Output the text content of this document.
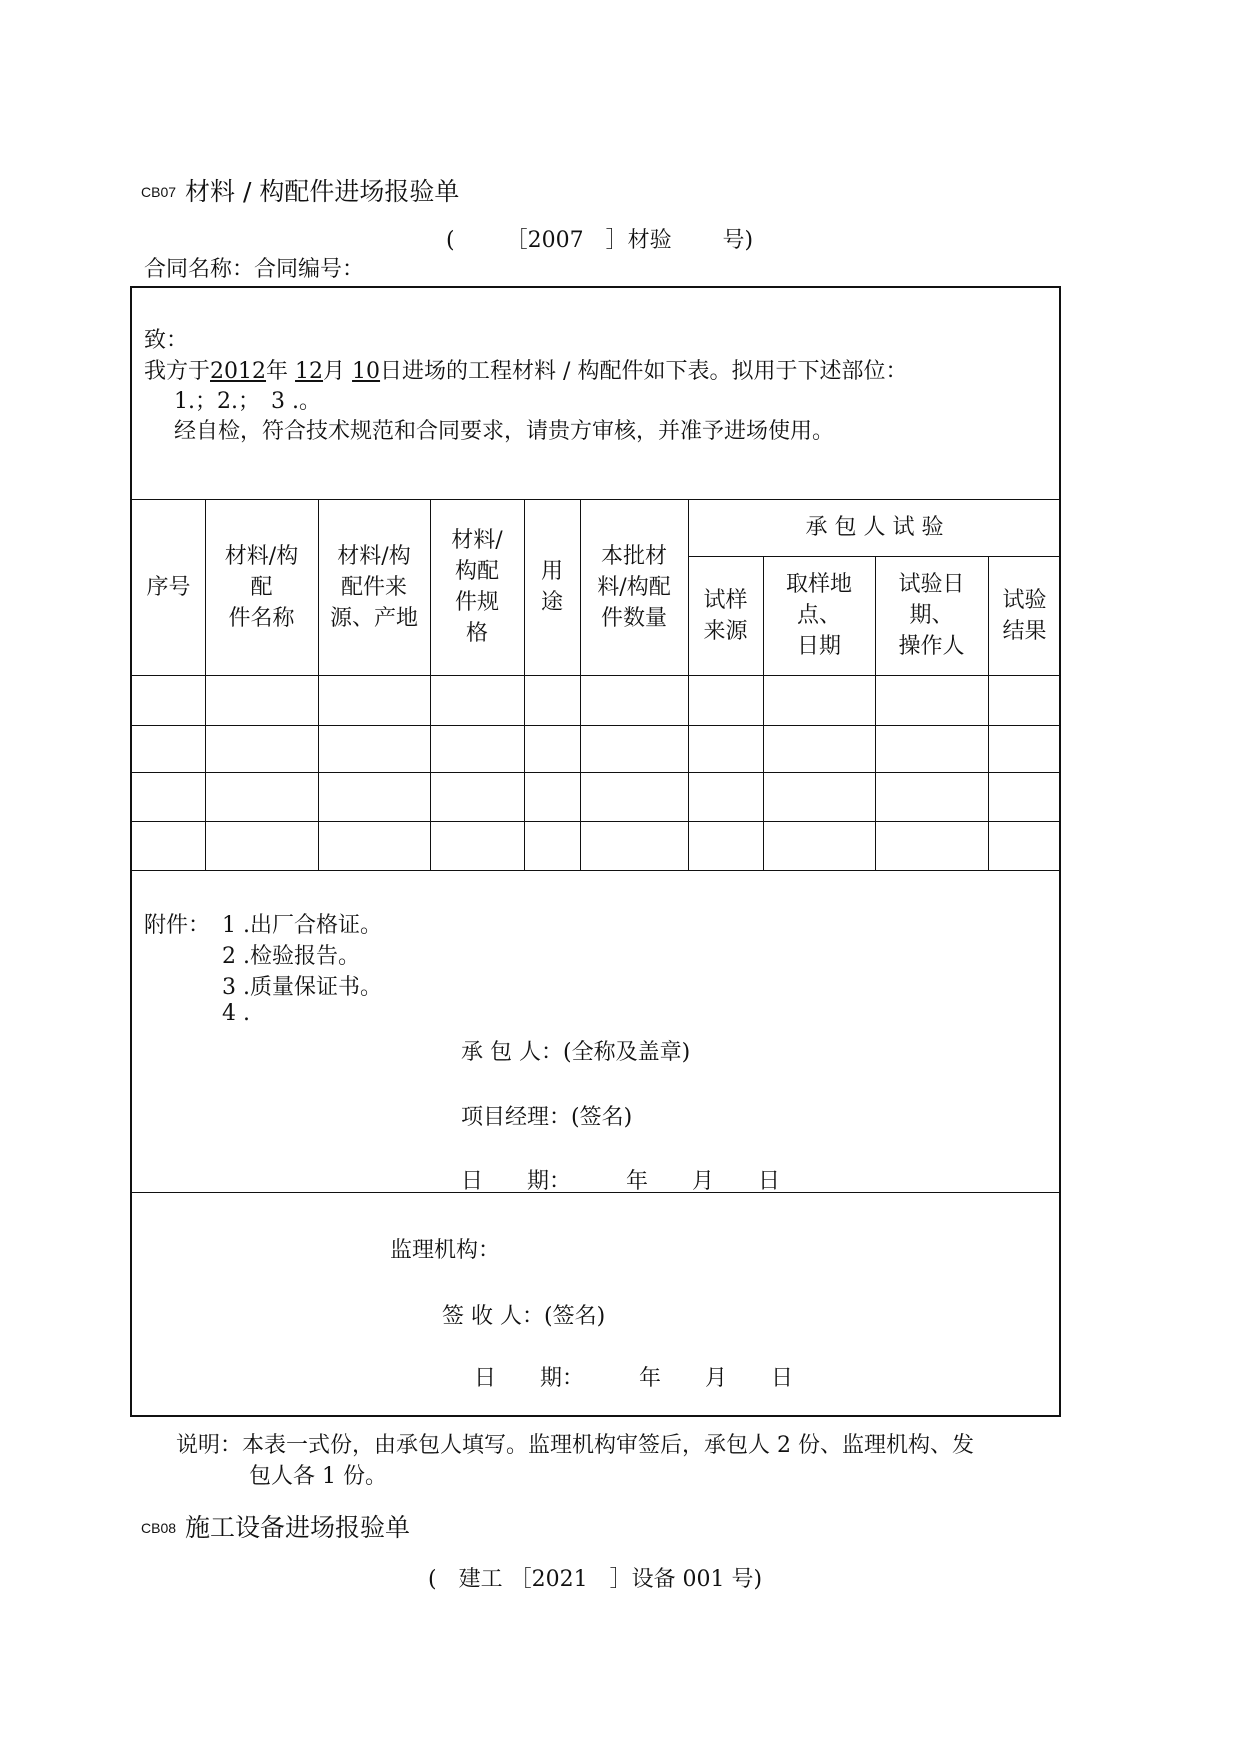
CB07 材料 / 构配件进场报验单
(　　 ［2007　］材验　　 号)
合同名称：合同编号：
致：
我方于2012年 12月 10日进场的工程材料 / 构配件如下表。拟用于下述部位：
1.；2.；　3 .。
经自检，符合技术规范和合同要求，请贵方审核，并准予进场使用。
序号
材料/构
配
件名称
材料/构
配件来
源、产地
材料/
构配
件规
格
用
途
本批材
料/构配
件数量
承 包 人 试 验
试样
来源
取样地
点、
日期
试验日
期、
操作人
试验
结果
附件： 1 .出厂合格证。
2 .检验报告。
3 .质量保证书。
4 .
承 包 人：(全称及盖章)
项目经理：(签名)
日　　期：　　　年　　月　　日
监理机构：
签 收 人：(签名)
日　　期：　　　年　　月　　日
说明：本表一式份，由承包人填写。监理机构审签后，承包人 2 份、监理机构、发
包人各 1 份。
CB08 施工设备进场报验单
(　建工 ［2021　］设备 001 号)
